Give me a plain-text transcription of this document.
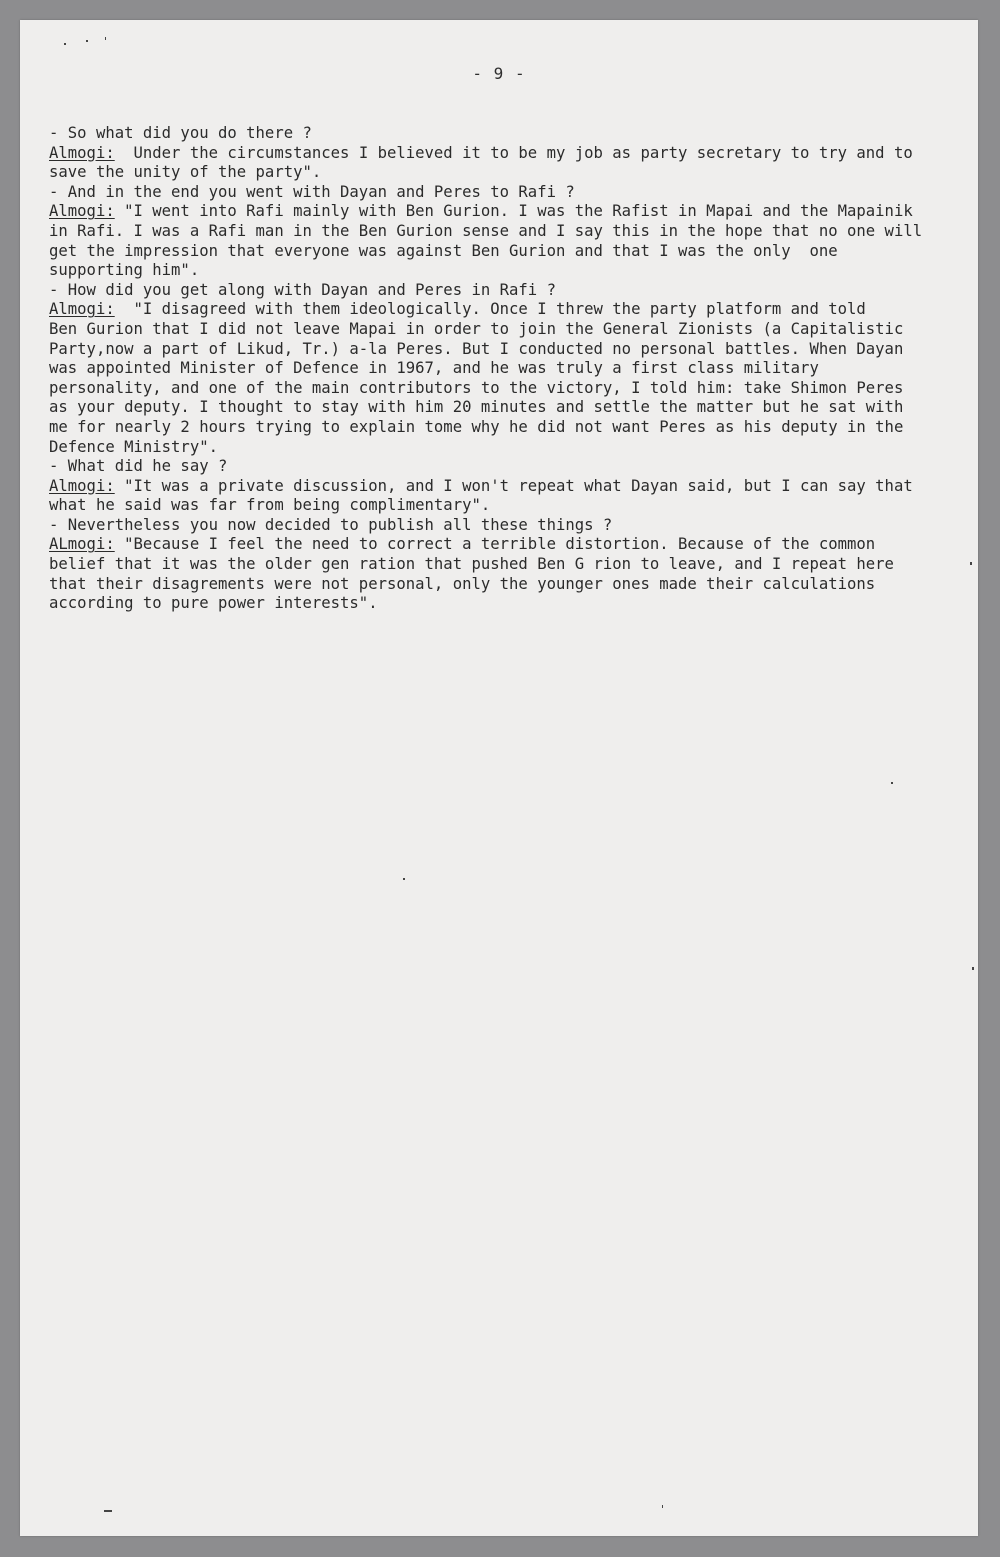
- 9 -
- So what did you do there ?
Almogi:  Under the circumstances I believed it to be my job as party secretary to try and to
save the unity of the party".
- And in the end you went with Dayan and Peres to Rafi ?
Almogi: "I went into Rafi mainly with Ben Gurion. I was the Rafist in Mapai and the Mapainik
in Rafi. I was a Rafi man in the Ben Gurion sense and I say this in the hope that no one will
get the impression that everyone was against Ben Gurion and that I was the only  one
supporting him".
- How did you get along with Dayan and Peres in Rafi ?
Almogi:  "I disagreed with them ideologically. Once I threw the party platform and told
Ben Gurion that I did not leave Mapai in order to join the General Zionists (a Capitalistic
Party,now a part of Likud, Tr.) a-la Peres. But I conducted no personal battles. When Dayan
was appointed Minister of Defence in 1967, and he was truly a first class military
personality, and one of the main contributors to the victory, I told him: take Shimon Peres
as your deputy. I thought to stay with him 20 minutes and settle the matter but he sat with
me for nearly 2 hours trying to explain tome why he did not want Peres as his deputy in the
Defence Ministry".
- What did he say ?
Almogi: "It was a private discussion, and I won't repeat what Dayan said, but I can say that
what he said was far from being complimentary".
- Nevertheless you now decided to publish all these things ?
ALmogi: "Because I feel the need to correct a terrible distortion. Because of the common
belief that it was the older gen ration that pushed Ben G rion to leave, and I repeat here
that their disagrements were not personal, only the younger ones made their calculations
according to pure power interests".
